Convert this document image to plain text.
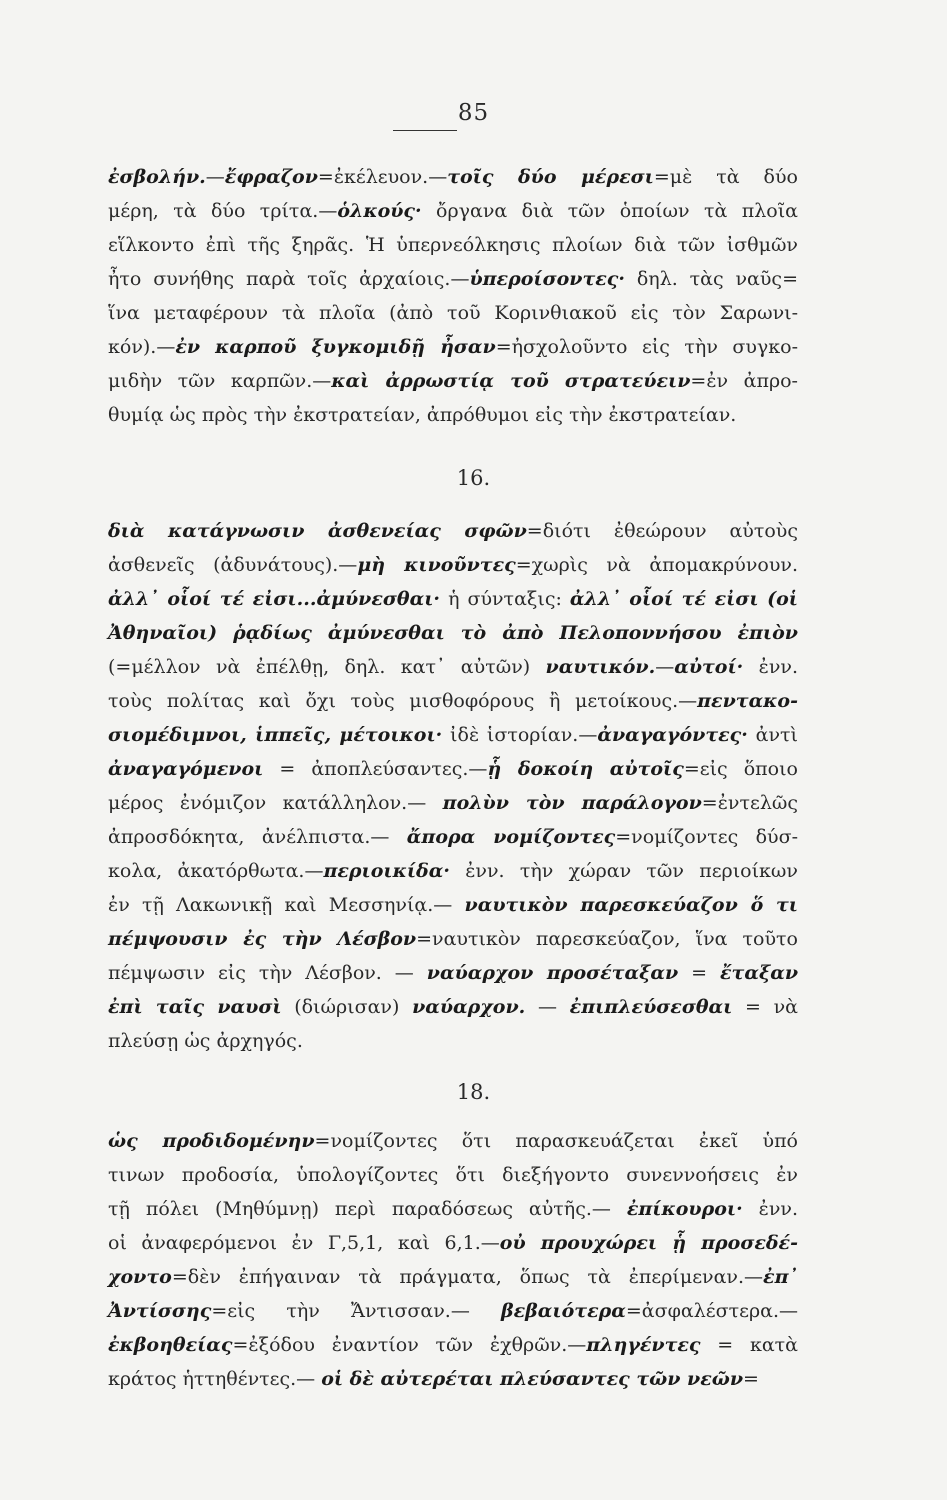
85
ἐσβολήν.—ἔφραζον=ἐκέλευον.—τοῖς δύο μέρεσι=μὲ τὰ δύο
μέρη, τὰ δύο τρίτα.—ὁλκούς· ὄργανα διὰ τῶν ὁποίων τὰ πλοῖα
εἵλκοντο ἐπὶ τῆς ξηρᾶς. Ἡ ὑπερνεόλκησις πλοίων διὰ τῶν ἰσθμῶν
ἦτο συνήθης παρὰ τοῖς ἀρχαίοις.—ὑπεροίσοντες· δηλ. τὰς ναῦς=
ἵνα μεταφέρουν τὰ πλοῖα (ἀπὸ τοῦ Κορινθιακοῦ εἰς τὸν Σαρωνι-
κόν).—ἐν καρποῦ ξυγκομιδῇ ἦσαν=ἠσχολοῦντο εἰς τὴν συγκο-
μιδὴν τῶν καρπῶν.—καὶ ἀρρωστίᾳ τοῦ στρατεύειν=ἐν ἀπρο-
θυμίᾳ ὡς πρὸς τὴν ἐκστρατείαν, ἀπρόθυμοι εἰς τὴν ἐκστρατείαν.
16.
διὰ κατάγνωσιν ἀσθενείας σφῶν=διότι ἐθεώρουν αὐτοὺς
ἀσθενεῖς (ἀδυνάτους).—μὴ κινοῦντες=χωρὶς νὰ ἀπομακρύνουν.
ἀλλ᾽ οἷοί τέ εἰσι...ἀμύνεσθαι· ἡ σύνταξις: ἀλλ᾽ οἷοί τέ εἰσι (οἱ
Ἀθηναῖοι) ῥᾳδίως ἀμύνεσθαι τὸ ἀπὸ Πελοποννήσου ἐπιὸν
(=μέλλον νὰ ἐπέλθῃ, δηλ. κατ᾽ αὐτῶν) ναυτικόν.—αὐτοί· ἐνν.
τοὺς πολίτας καὶ ὄχι τοὺς μισθοφόρους ἢ μετοίκους.—πεντακο-
σιομέδιμνοι, ἱππεῖς, μέτοικοι· ἰδὲ ἱστορίαν.—ἀναγαγόντες· ἀντὶ
ἀναγαγόμενοι = ἀποπλεύσαντες.—ᾗ δοκοίη αὐτοῖς=εἰς ὅποιο
μέρος ἐνόμιζον κατάλληλον.— πολὺν τὸν παράλογον=ἐντελῶς
ἀπροσδόκητα, ἀνέλπιστα.— ἄπορα νομίζοντες=νομίζοντες δύσ-
κολα, ἀκατόρθωτα.—περιοικίδα· ἐνν. τὴν χώραν τῶν περιοίκων
ἐν τῇ Λακωνικῇ καὶ Μεσσηνίᾳ.— ναυτικὸν παρεσκεύαζον ὅ τι
πέμψουσιν ἐς τὴν Λέσβον=ναυτικὸν παρεσκεύαζον, ἵνα τοῦτο
πέμψωσιν εἰς τὴν Λέσβον. — ναύαρχον προσέταξαν = ἔταξαν
ἐπὶ ταῖς ναυσὶ (διώρισαν) ναύαρχον. — ἐπιπλεύσεσθαι = νὰ
πλεύσῃ ὡς ἀρχηγός.
18.
ὡς προδιδομένην=νομίζοντες ὅτι παρασκευάζεται ἐκεῖ ὑπό
τινων προδοσία, ὑπολογίζοντες ὅτι διεξήγοντο συνεννοήσεις ἐν
τῇ πόλει (Μηθύμνῃ) περὶ παραδόσεως αὐτῆς.— ἐπίκουροι· ἐνν.
οἱ ἀναφερόμενοι ἐν Γ,5,1, καὶ 6,1.—οὐ προυχώρει ᾗ προσεδέ-
χοντο=δὲν ἐπήγαιναν τὰ πράγματα, ὅπως τὰ ἐπερίμεναν.—ἐπ᾽
Ἀντίσσης=εἰς τὴν Ἄντισσαν.— βεβαιότερα=ἀσφαλέστερα.—
ἐκβοηθείας=ἐξόδου ἐναντίον τῶν ἐχθρῶν.—πληγέντες = κατὰ
κράτος ἡττηθέντες.— οἱ δὲ αὐτερέται πλεύσαντες τῶν νεῶν=
